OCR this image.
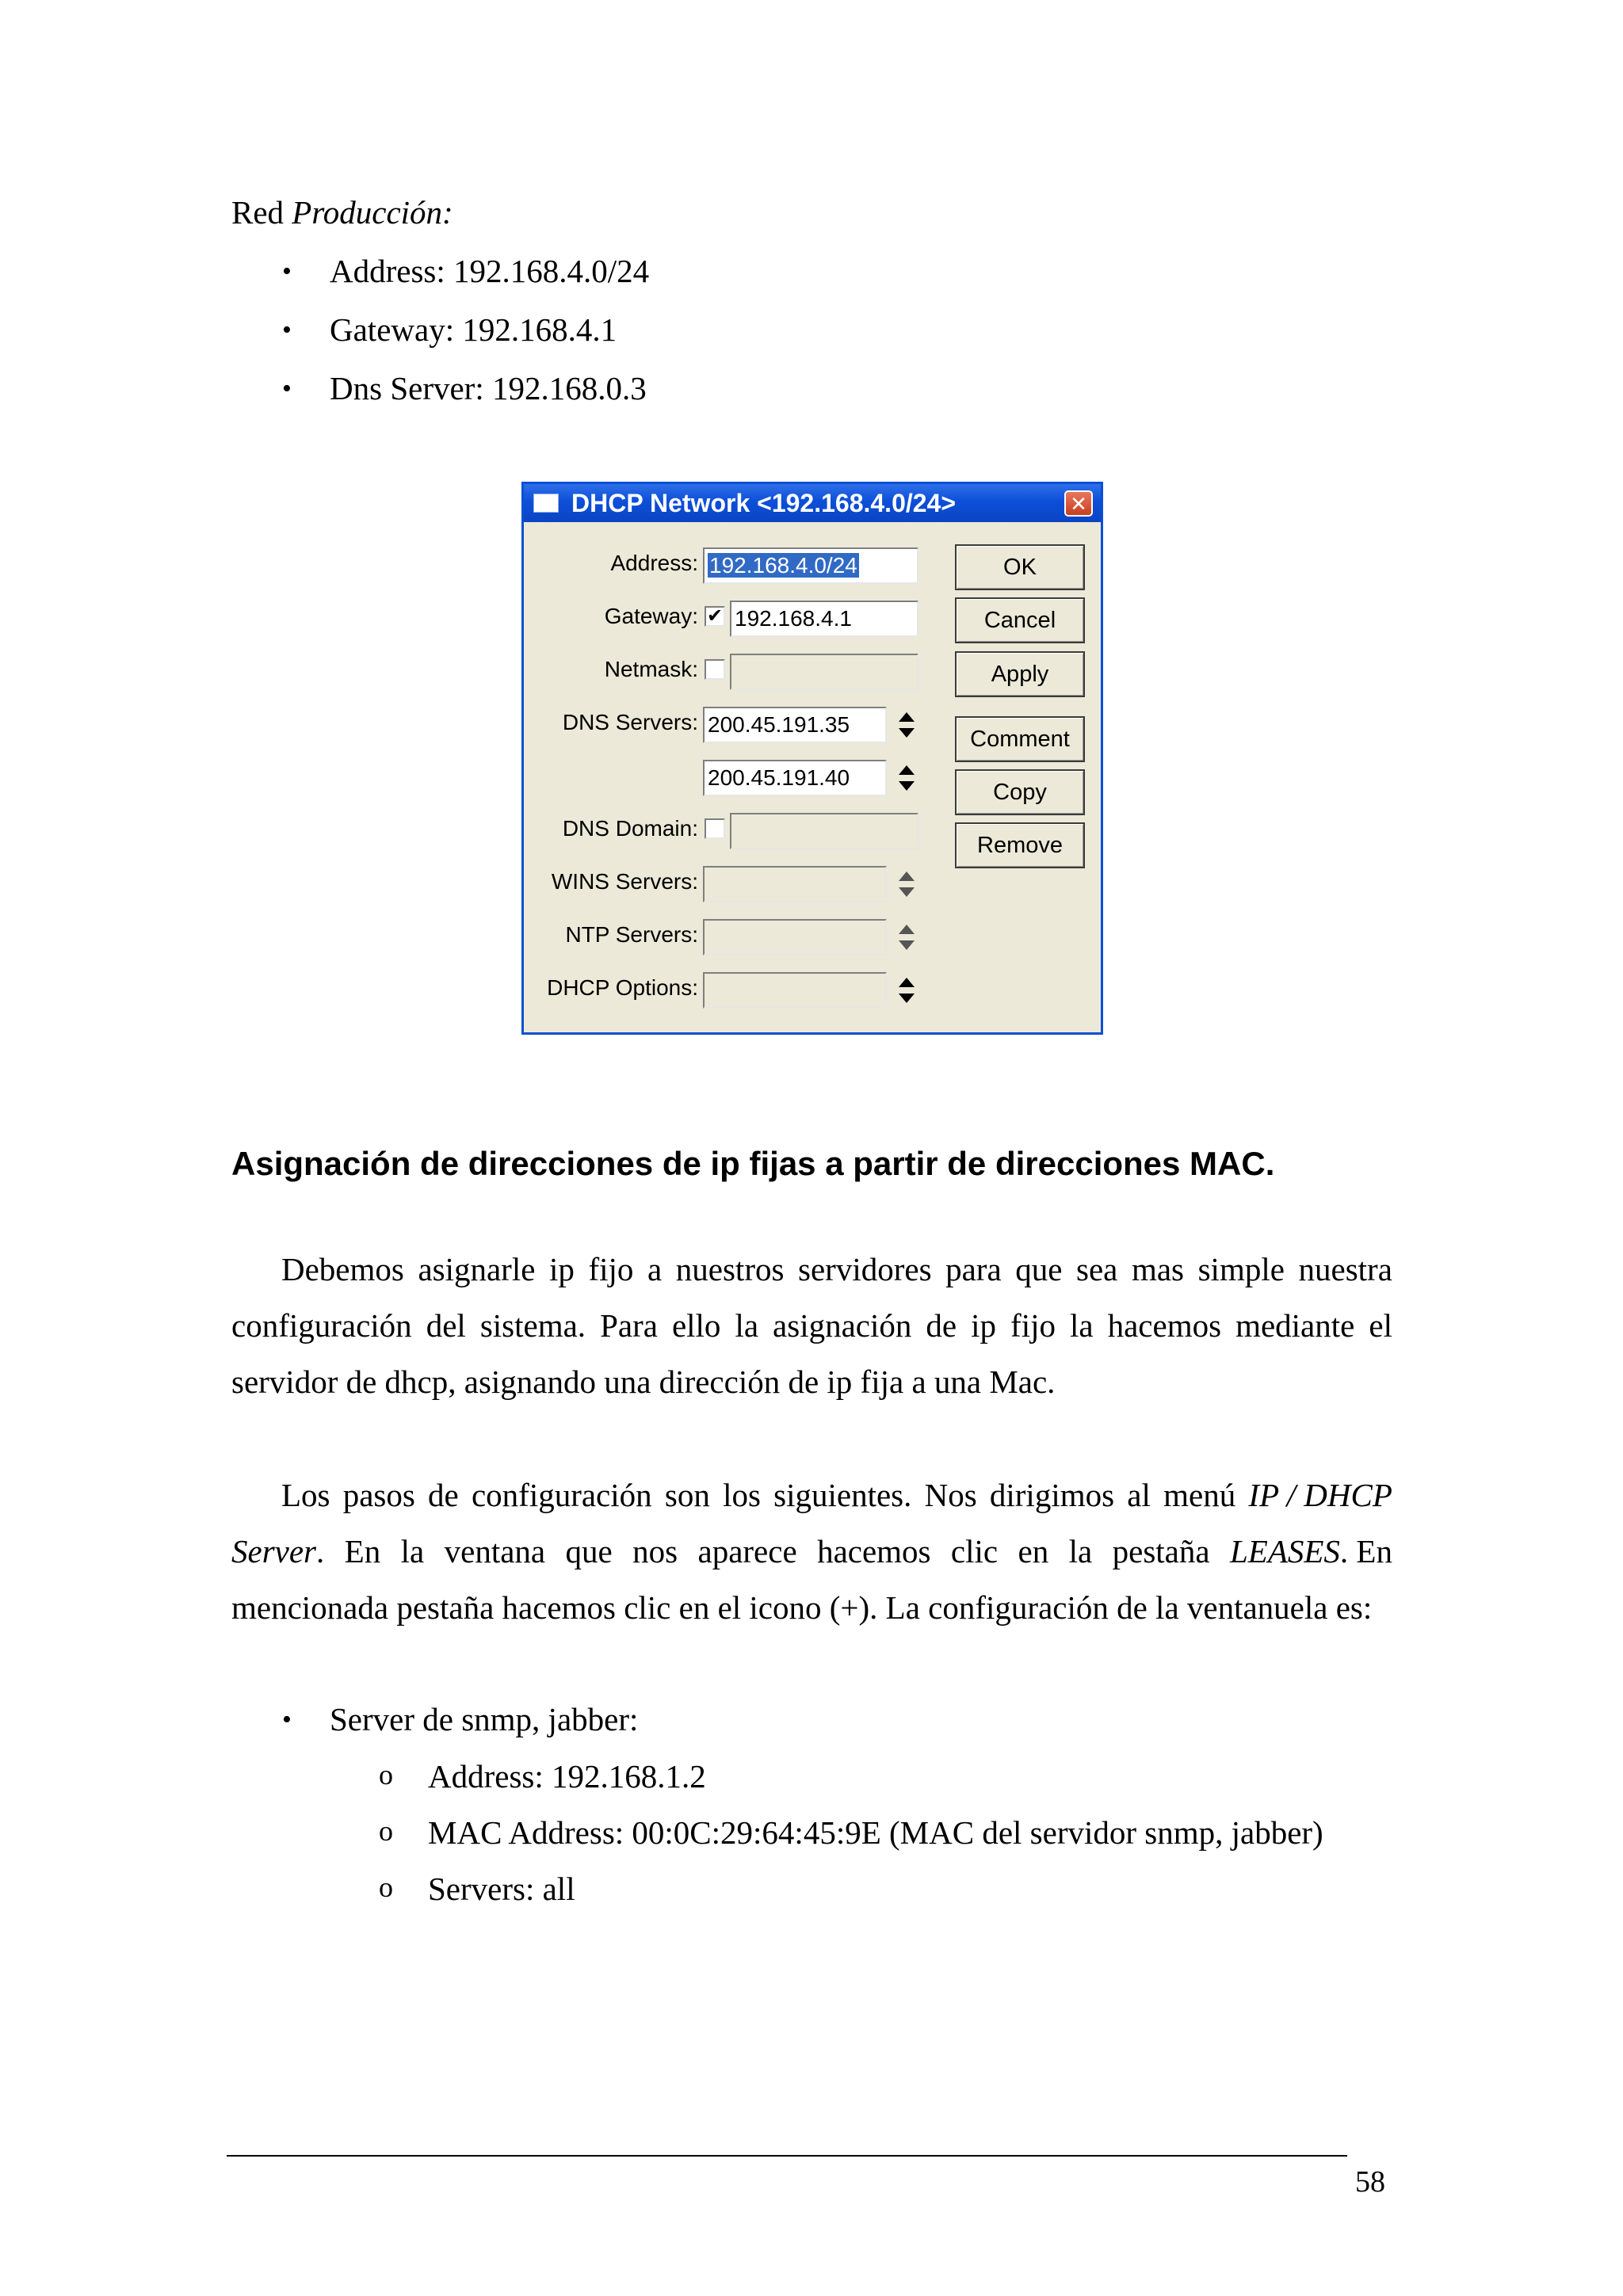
Red Producción:
• Address: 192.168.4.0/24
• Gateway: 192.168.4.1
• Dns Server: 192.168.0.3
DHCP Network <192.168.4.0/24>	✕
Address: 192.168.4.0/24
Gateway: ✔ 192.168.4.1
Netmask:
DNS Servers: 200.45.191.35
200.45.191.40
DNS Domain:
WINS Servers:
NTP Servers:
DHCP Options:
OK
Cancel
Apply
Comment
Copy
Remove
Asignación de direcciones de ip fijas a partir de direcciones MAC.
Debemos asignarle ip fijo a nuestros servidores para que sea mas simple nuestra
configuración del sistema. Para ello la asignación de ip fijo la hacemos mediante el
servidor de dhcp, asignando una dirección de ip fija a una Mac.
Los pasos de configuración son los siguientes. Nos dirigimos al menú IP / DHCP
Server. En la ventana que nos aparece hacemos clic en la pestaña LEASES. En
mencionada pestaña hacemos clic en el icono (+). La configuración de la ventanuela es:
• Server de snmp, jabber:
o Address: 192.168.1.2
o MAC Address: 00:0C:29:64:45:9E (MAC del servidor snmp, jabber)
o Servers: all
58
